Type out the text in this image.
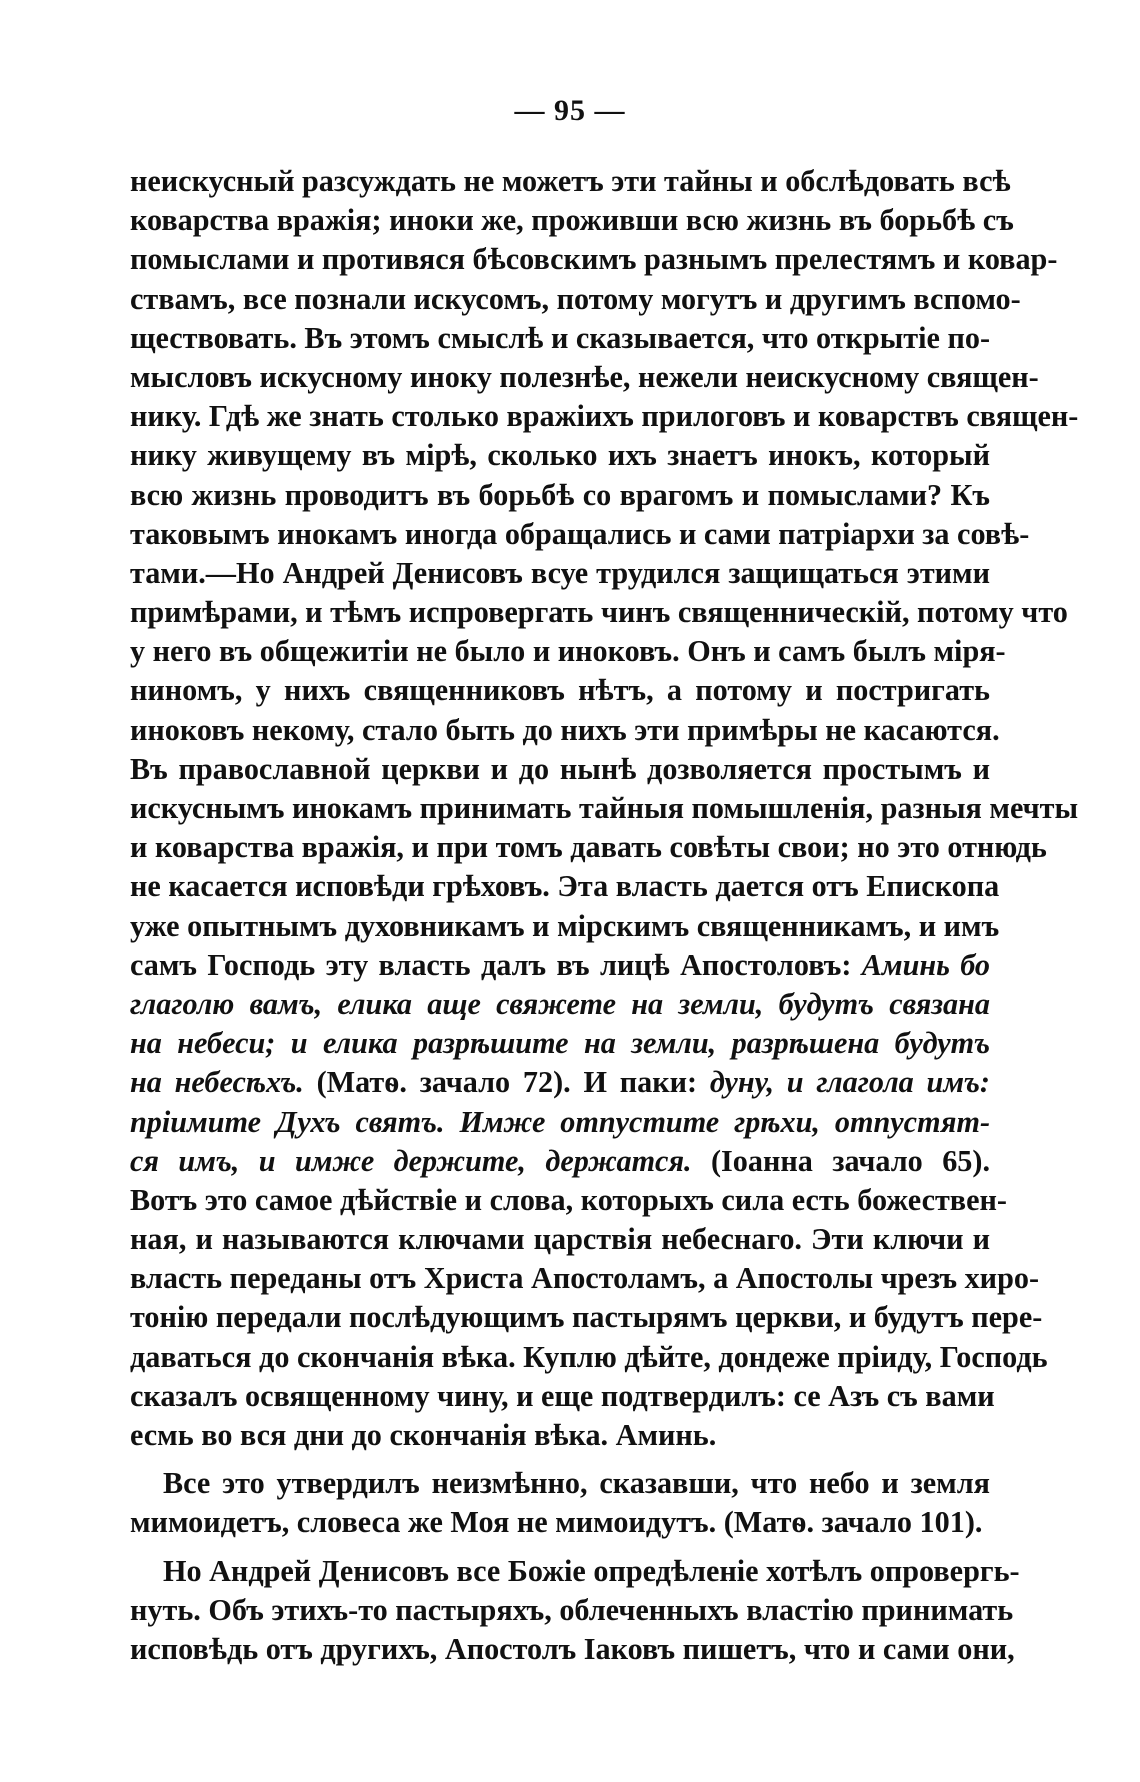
— 95 —
неискусный разсуждать не можетъ эти тайны и обслѣдовать всѣ
коварства вражія; иноки же, проживши всю жизнь въ борьбѣ съ
помыслами и противяся бѣсовскимъ разнымъ прелестямъ и ковар-
ствамъ, все познали искусомъ, потому могутъ и другимъ вспомо-
ществовать. Въ этомъ смыслѣ и сказывается, что открытіе по-
мысловъ искусному иноку полезнѣе, нежели неискусному священ-
нику. Гдѣ же знать столько вражіихъ прилоговъ и коварствъ священ-
нику живущему въ мірѣ, сколько ихъ знаетъ инокъ, который
всю жизнь проводитъ въ борьбѣ со врагомъ и помыслами? Къ
таковымъ инокамъ иногда обращались и сами патріархи за совѣ-
тами.—Но Андрей Денисовъ всуе трудился защищаться этими
примѣрами, и тѣмъ испровергать чинъ священническій, потому что
у него въ общежитіи не было и иноковъ. Онъ и самъ былъ міря-
ниномъ, у нихъ священниковъ нѣтъ, а потому и постригать
иноковъ некому, стало быть до нихъ эти примѣры не касаются.
Въ православной церкви и до нынѣ дозволяется простымъ и
искуснымъ инокамъ принимать тайныя помышленія, разныя мечты
и коварства вражія, и при томъ давать совѣты свои; но это отнюдь
не касается исповѣди грѣховъ. Эта власть дается отъ Епископа
уже опытнымъ духовникамъ и мірскимъ священникамъ, и имъ
самъ Господь эту власть далъ въ лицѣ Апостоловъ: Аминь бо
глаголю вамъ, елика аще свяжете на земли, будутъ связана
на небеси; и елика разрѣшите на земли, разрѣшена будутъ
на небесѣхъ. (Матѳ. зачало 72). И паки: дуну, и глагола имъ:
пріимите Духъ святъ. Имже отпустите грѣхи, отпустят-
ся имъ, и имже держите, держатся. (Іоанна зачало 65).
Вотъ это самое дѣйствіе и слова, которыхъ сила есть божествен-
ная, и называются ключами царствія небеснаго. Эти ключи и
власть переданы отъ Христа Апостоламъ, а Апостолы чрезъ хиро-
тонію передали послѣдующимъ пастырямъ церкви, и будутъ пере-
даваться до скончанія вѣка. Куплю дѣйте, дондеже пріиду, Господь
сказалъ освященному чину, и еще подтвердилъ: се Азъ съ вами
есмь во вся дни до скончанія вѣка. Аминь.
Все это утвердилъ неизмѣнно, сказавши, что небо и земля
мимоидетъ, словеса же Моя не мимоидутъ. (Матѳ. зачало 101).
Но Андрей Денисовъ все Божіе опредѣленіе хотѣлъ опровергь-
нуть. Объ этихъ-то пастыряхъ, облеченныхъ властію принимать
исповѣдь отъ другихъ, Апостолъ Іаковъ пишетъ, что и сами они,
